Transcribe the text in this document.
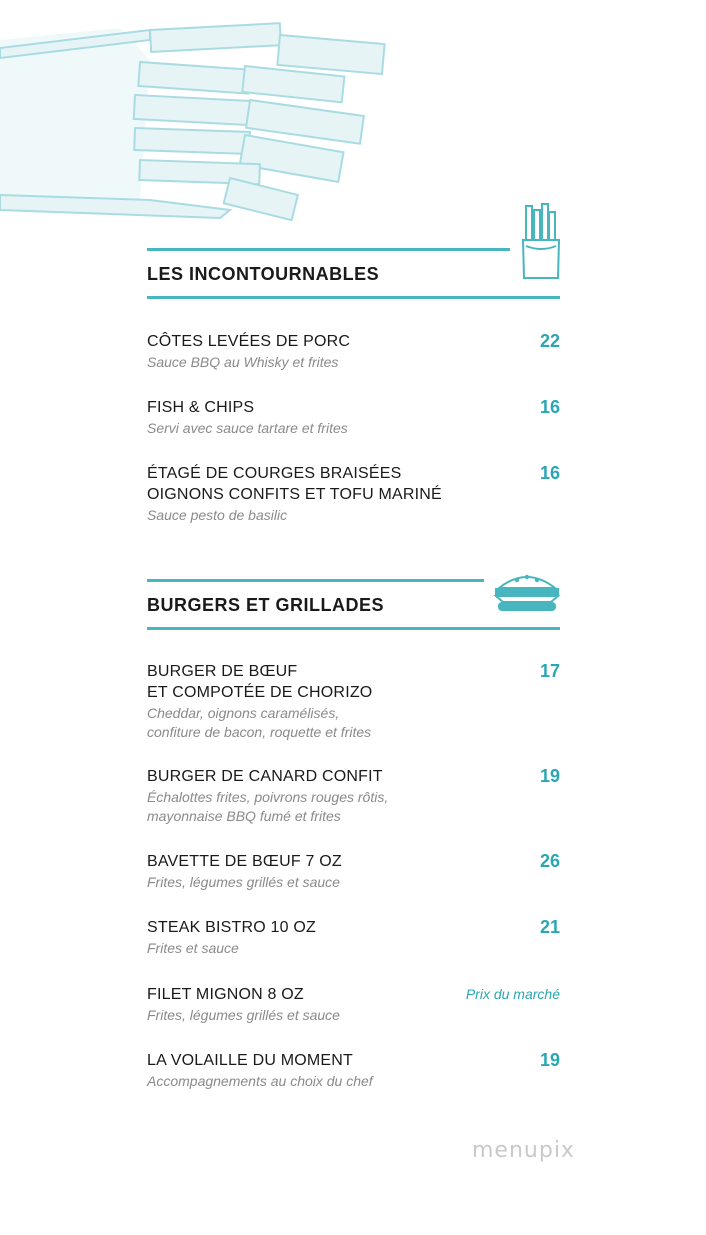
LES INCONTOURNABLES
CÔTES LEVÉES DE PORC
Sauce BBQ au Whisky et frites
22
FISH & CHIPS
Servi avec sauce tartare et frites
16
ÉTAGÉ DE COURGES BRAISÉES
OIGNONS CONFITS ET TOFU MARINÉ
Sauce pesto de basilic
16
BURGERS ET GRILLADES
BURGER DE BŒUF
ET COMPOTÉE DE CHORIZO
Cheddar, oignons caramélisés,
confiture de bacon, roquette et frites
17
BURGER DE CANARD CONFIT
Échalottes frites, poivrons rouges rôtis,
mayonnaise BBQ fumé et frites
19
BAVETTE DE BŒUF 7 OZ
Frites, légumes grillés et sauce
26
STEAK BISTRO 10 OZ
Frites et sauce
21
FILET MIGNON 8 OZ
Frites, légumes grillés et sauce
Prix du marché
LA VOLAILLE DU MOMENT
Accompagnements au choix du chef
19
menupix
